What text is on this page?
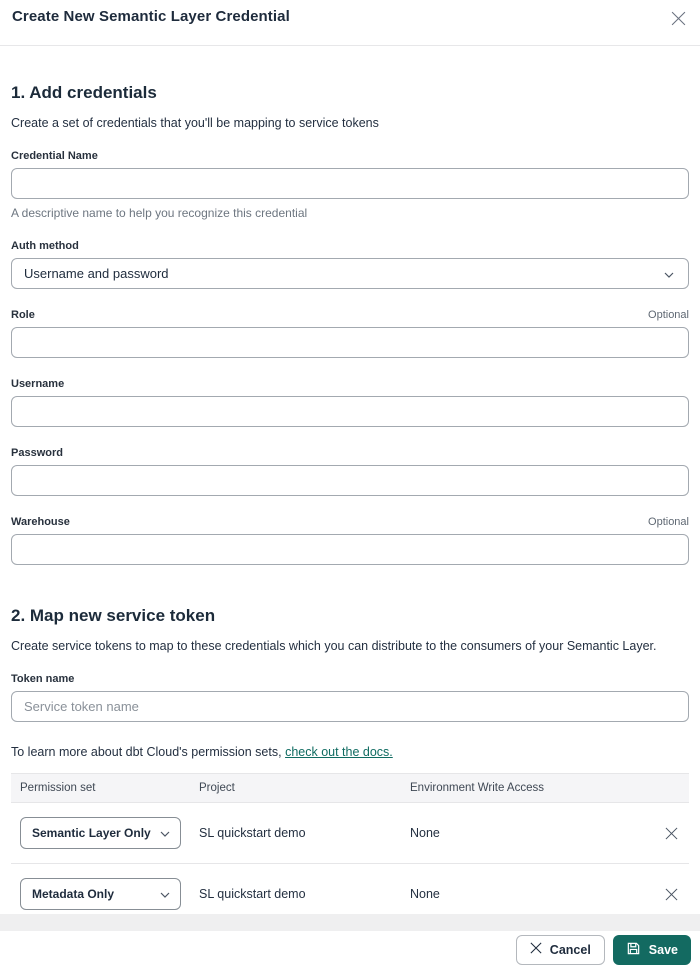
Create New Semantic Layer Credential
1. Add credentials
Create a set of credentials that you'll be mapping to service tokens
Credential Name
A descriptive name to help you recognize this credential
Auth method
Username and password
Role	Optional
Username
Password
Warehouse	Optional
2. Map new service token
Create service tokens to map to these credentials which you can distribute to the consumers of your Semantic Layer.
Token name
Service token name
To learn more about dbt Cloud's permission sets, check out the docs.
Permission set	Project	Environment Write Access
Semantic Layer Only	SL quickstart demo	None
Metadata Only	SL quickstart demo	None
Cancel	Save
